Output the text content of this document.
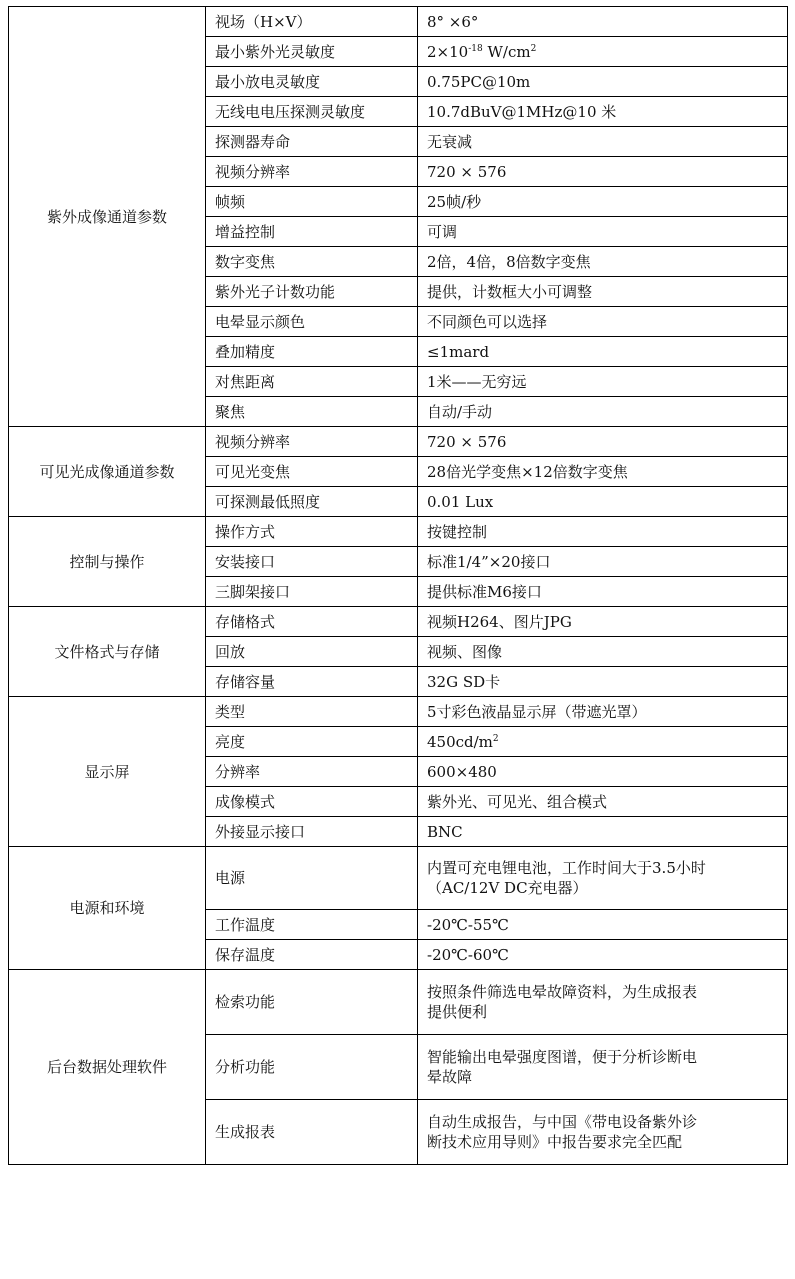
紫外成像通道参数	视场（H×V）	8° ×6°
	最小紫外光灵敏度	$2\times 10^{-18}$ $W/cm^2$
	最小放电灵敏度	0.75PC@10m
	无线电电压探测灵敏度	10.7dBuV@1MHz@10 米
	探测器寿命	无衰减
	视频分辨率	720 × 576
	帧频	25帧/秒
	增益控制	可调
	数字变焦	2倍，4倍，8倍数字变焦
	紫外光子计数功能	提供，计数框大小可调整
	电晕显示颜色	不同颜色可以选择
	叠加精度	≤1mard
	对焦距离	1米——无穷远
	聚焦	自动/手动
可见光成像通道参数	视频分辨率	720 × 576
	可见光变焦	28倍光学变焦×12倍数字变焦
	可探测最低照度	0.01 Lux
控制与操作	操作方式	按键控制
	安装接口	标准1/4”×20接口
	三脚架接口	提供标准M6接口
文件格式与存储	存储格式	视频H264、图片JPG
	回放	视频、图像
	存储容量	32G SD卡
显示屏	类型	5寸彩色液晶显示屏（带遮光罩）
	亮度	$450cd/m^2$
	分辨率	600×480
	成像模式	紫外光、可见光、组合模式
	外接显示接口	BNC
电源和环境	电源	内置可充电锂电池，工作时间大于3.5小时
（AC/12V DC充电器）

	工作温度	-20℃-55℃
	保存温度	-20℃-60℃
后台数据处理软件	检索功能	按照条件筛选电晕故障资料，为生成报表
提供便利

	分析功能	智能输出电晕强度图谱，便于分析诊断电
晕故障

	生成报表	自动生成报告，与中国《带电设备紫外诊
断技术应用导则》中报告要求完全匹配
